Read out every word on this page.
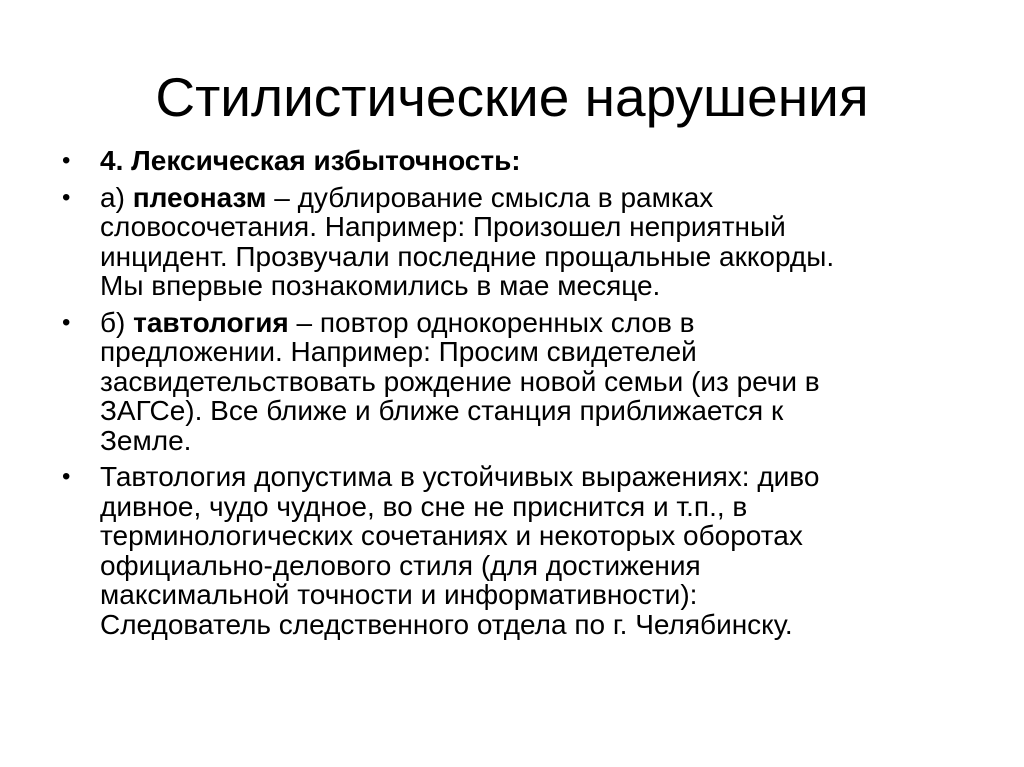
Стилистические нарушения
•	4. Лексическая избыточность:
•	а) плеоназм – дублирование смысла в рамках
словосочетания. Например: Произошел неприятный
инцидент. Прозвучали последние прощальные аккорды.
Мы впервые познакомились в мае месяце.
•	б) тавтология – повтор однокоренных слов в
предложении. Например: Просим свидетелей
засвидетельствовать рождение новой семьи (из речи в
ЗАГСе). Все ближе и ближе станция приближается к
Земле.
•	Тавтология допустима в устойчивых выражениях: диво
дивное, чудо чудное, во сне не приснится и т.п., в
терминологических сочетаниях и некоторых оборотах
официально-делового стиля (для достижения
максимальной точности и информативности):
Следователь следственного отдела по г. Челябинску.
